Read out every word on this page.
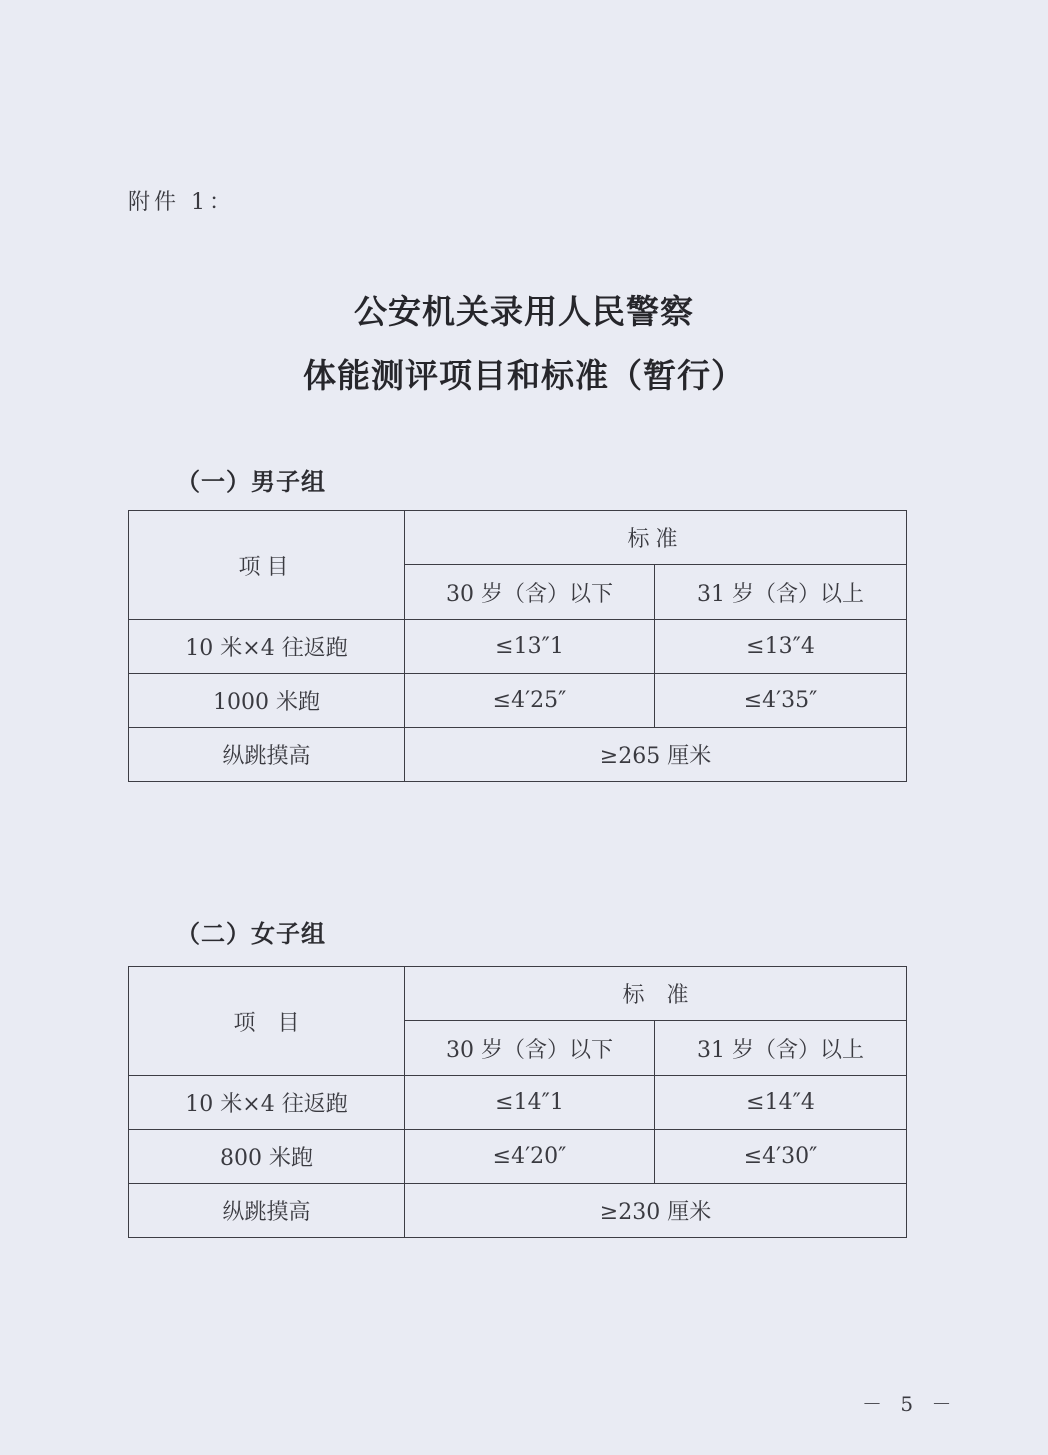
附件 1：
公安机关录用人民警察
体能测评项目和标准（暂行）
（一）男子组
项目	标准	
	30 岁（含）以下	31 岁（含）以上
10 米×4 往返跑	≤13″1	≤13″4
1000 米跑	≤4′25″	≤4′35″
纵跳摸高	≥265 厘米	
（二）女子组
项　目	标　准	
	30 岁（含）以下	31 岁（含）以上
10 米×4 往返跑	≤14″1	≤14″4
800 米跑	≤4′20″	≤4′30″
纵跳摸高	≥230 厘米	
－ 5 －
